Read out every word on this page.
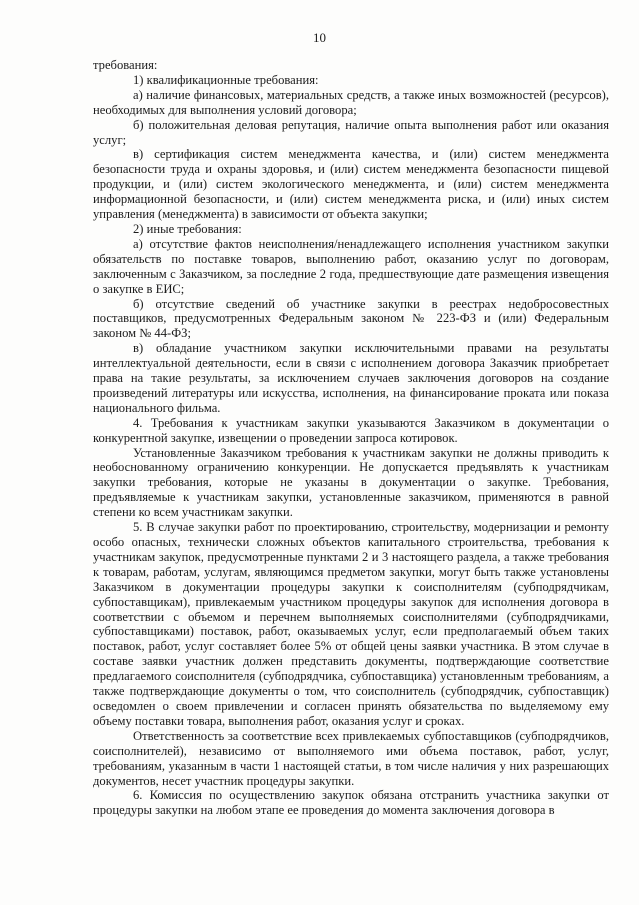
10

требования:

1) квалификационные требования:

а) наличие финансовых, материальных средств, а также иных возможностей (ресурсов), необходимых для выполнения условий договора;

б) положительная деловая репутация, наличие опыта выполнения работ или оказания услуг;

в) сертификация систем менеджмента качества, и (или) систем менеджмента безопасности труда и охраны здоровья, и (или) систем менеджмента безопасности пищевой продукции, и (или) систем экологического менеджмента, и (или) систем менеджмента информационной безопасности, и (или) систем менеджмента риска, и (или) иных систем управления (менеджмента) в зависимости от объекта закупки;

2) иные требования:

а) отсутствие фактов неисполнения/ненадлежащего исполнения участником закупки обязательств по поставке товаров, выполнению работ, оказанию услуг по договорам, заключенным с Заказчиком, за последние 2 года, предшествующие дате размещения извещения о закупке в ЕИС;

б) отсутствие сведений об участнике закупки в реестрах недобросовестных поставщиков, предусмотренных Федеральным законом № 223-ФЗ и (или) Федеральным законом № 44-ФЗ;

в) обладание участником закупки исключительными правами на результаты интеллектуальной деятельности, если в связи с исполнением договора Заказчик приобретает права на такие результаты, за исключением случаев заключения договоров на создание произведений литературы или искусства, исполнения, на финансирование проката или показа национального фильма.

4. Требования к участникам закупки указываются Заказчиком в документации о конкурентной закупке, извещении о проведении запроса котировок.

Установленные Заказчиком требования к участникам закупки не должны приводить к необоснованному ограничению конкуренции. Не допускается предъявлять к участникам закупки требования, которые не указаны в документации о закупке. Требования, предъявляемые к участникам закупки, установленные заказчиком, применяются в равной степени ко всем участникам закупки.

5. В случае закупки работ по проектированию, строительству, модернизации и ремонту особо опасных, технически сложных объектов капитального строительства, требования к участникам закупок, предусмотренные пунктами 2 и 3 настоящего раздела, а также требования к товарам, работам, услугам, являющимся предметом закупки, могут быть также установлены Заказчиком в документации процедуры закупки к соисполнителям (субподрядчикам, субпоставщикам), привлекаемым участником процедуры закупок для исполнения договора в соответствии с объемом и перечнем выполняемых соисполнителями (субподрядчиками, субпоставщиками) поставок, работ, оказываемых услуг, если предполагаемый объем таких поставок, работ, услуг составляет более 5% от общей цены заявки участника. В этом случае в составе заявки участник должен представить документы, подтверждающие соответствие предлагаемого соисполнителя (субподрядчика, субпоставщика) установленным требованиям, а также подтверждающие документы о том, что соисполнитель (субподрядчик, субпоставщик) осведомлен о своем привлечении и согласен принять обязательства по выделяемому ему объему поставки товара, выполнения работ, оказания услуг и сроках.

Ответственность за соответствие всех привлекаемых субпоставщиков (субподрядчиков, соисполнителей), независимо от выполняемого ими объема поставок, работ, услуг, требованиям, указанным в части 1 настоящей статьи, в том числе наличия у них разрешающих документов, несет участник процедуры закупки.

6. Комиссия по осуществлению закупок обязана отстранить участника закупки от процедуры закупки на любом этапе ее проведения до момента заключения договора в
